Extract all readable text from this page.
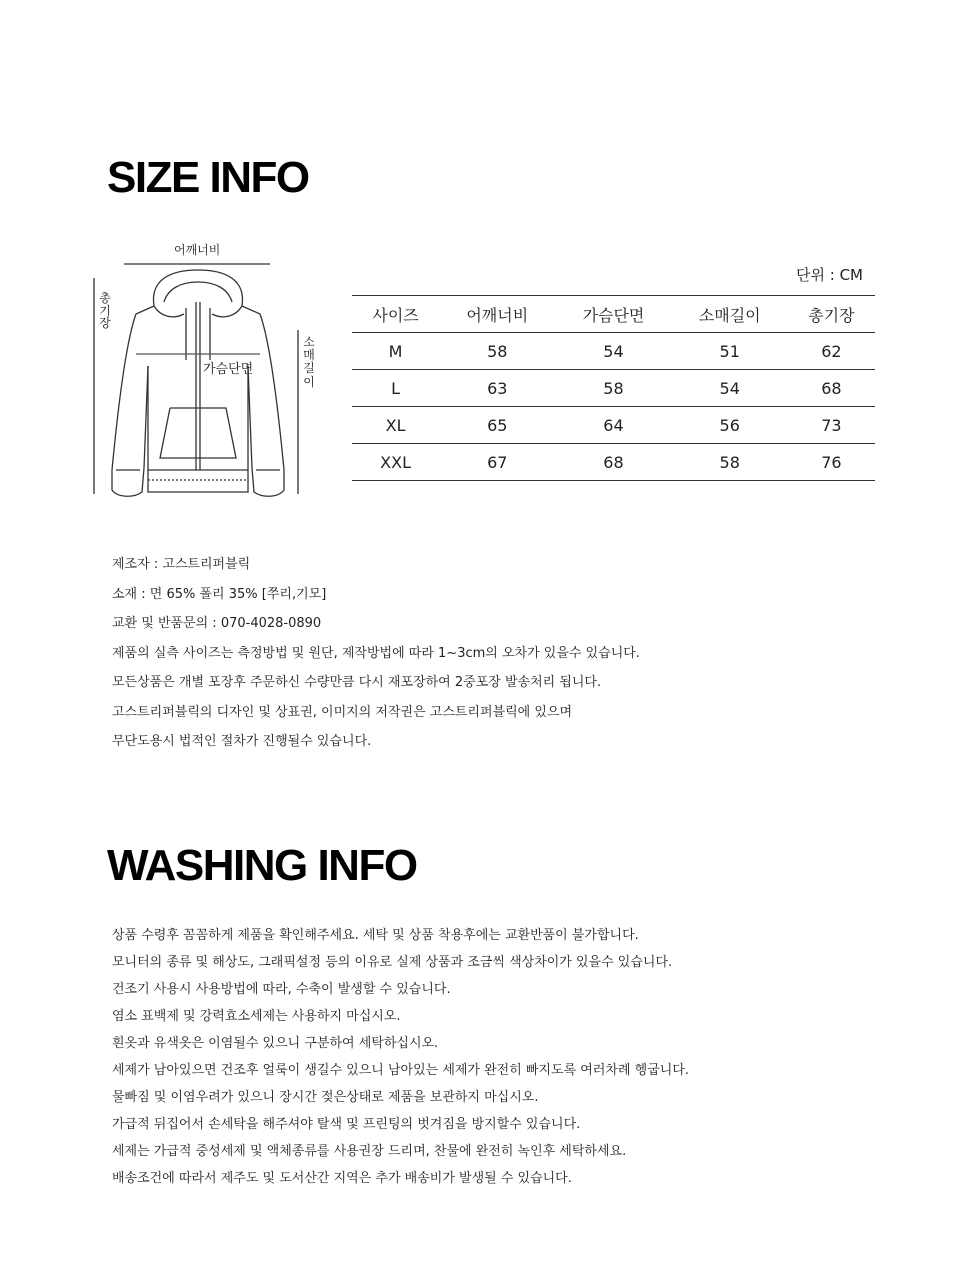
SIZE INFO
어깨너비
총기장
가슴단면
소매길이
단위 : CM
사이즈	어깨너비	가슴단면	소매길이	총기장
M	58	54	51	62
L	63	58	54	68
XL	65	64	56	73
XXL	67	68	58	76
제조자 : 고스트리퍼블릭
소재 : 면 65% 폴리 35% [쭈리,기모]
교환 및 반품문의 : 070-4028-0890
제품의 실측 사이즈는 측정방법 및 원단, 제작방법에 따라 1~3cm의 오차가 있을수 있습니다.
모든상품은 개별 포장후 주문하신 수량만큼 다시 재포장하여 2중포장 발송처리 됩니다.
고스트리퍼블릭의 디자인 및 상표권, 이미지의 저작권은 고스트리퍼블릭에 있으며
무단도용시 법적인 절차가 진행될수 있습니다.
WASHING INFO
상품 수령후 꼼꼼하게 제품을 확인해주세요. 세탁 및 상품 착용후에는 교환반품이 불가합니다.
모니터의 종류 및 해상도, 그래픽설정 등의 이유로 실제 상품과 조금씩 색상차이가 있을수 있습니다.
건조기 사용시 사용방법에 따라, 수축이 발생할 수 있습니다.
염소 표백제 및 강력효소세제는 사용하지 마십시오.
흰옷과 유색옷은 이염될수 있으니 구분하여 세탁하십시오.
세제가 남아있으면 건조후 얼룩이 생길수 있으니 남아있는 세제가 완전히 빠지도록 여러차례 헹굽니다.
물빠짐 및 이염우려가 있으니 장시간 젖은상태로 제품을 보관하지 마십시오.
가급적 뒤집어서 손세탁을 해주셔야 탈색 및 프린팅의 벗겨짐을 방지할수 있습니다.
세제는 가급적 중성세제 및 액체종류를 사용권장 드리며, 찬물에 완전히 녹인후 세탁하세요.
배송조건에 따라서 제주도 및 도서산간 지역은 추가 배송비가 발생될 수 있습니다.
